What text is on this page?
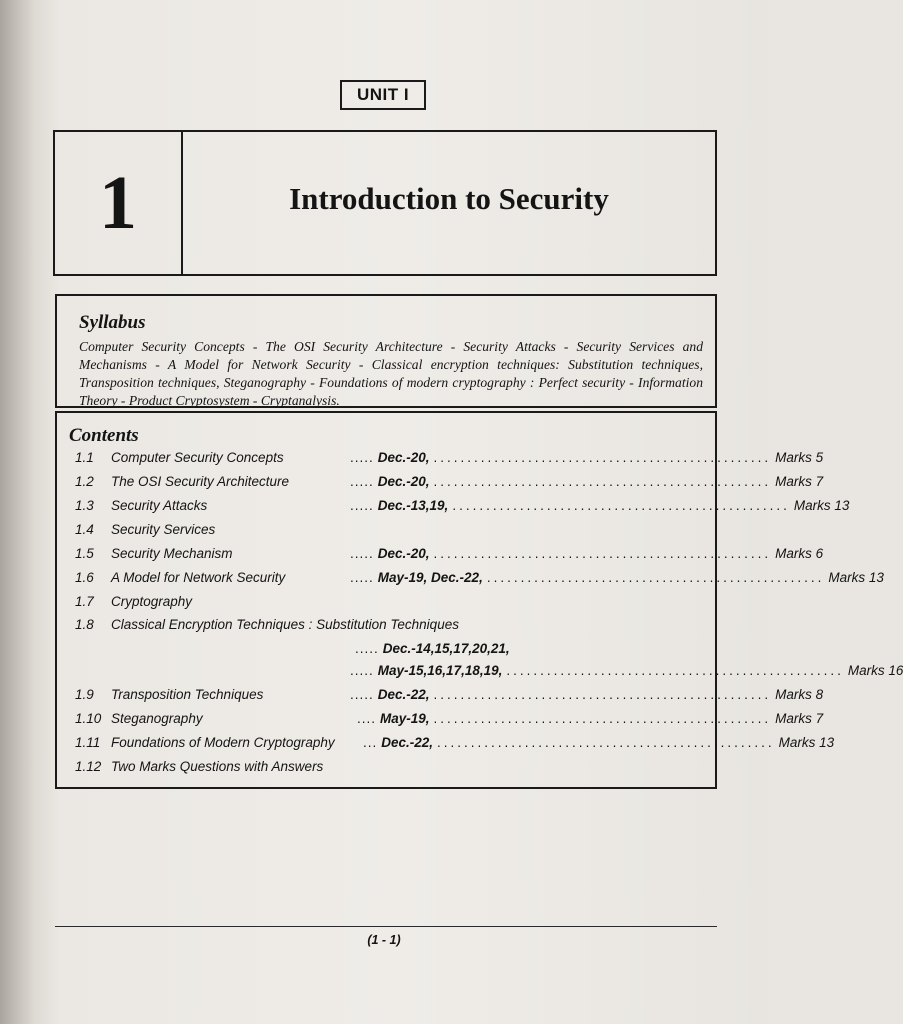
UNIT I
1	Introduction to Security

Syllabus

Computer Security Concepts - The OSI Security Architecture - Security Attacks - Security Services and Mechanisms - A Model for Network Security - Classical encryption techniques: Substitution techniques, Transposition techniques, Steganography - Foundations of modern cryptography : Perfect security - Information Theory - Product Cryptosystem - Cryptanalysis.

Contents
1.1 Computer Security Concepts	..... Dec.-20, .................................................. Marks 5
1.2 The OSI Security Architecture	..... Dec.-20, .................................................. Marks 7
1.3 Security Attacks	..... Dec.-13,19, .................................................. Marks 13
1.4 Security Services
1.5 Security Mechanism	..... Dec.-20, .................................................. Marks 6
1.6 A Model for Network Security	..... May-19, Dec.-22, .................................................. Marks 13
1.7 Cryptography
1.8 Classical Encryption Techniques : Substitution Techniques
..... Dec.-14,15,17,20,21,
..... May-15,16,17,18,19, .................................................. Marks 16
1.9 Transposition Techniques	..... Dec.-22, .................................................. Marks 8
1.10 Steganography	.... May-19, .................................................. Marks 7
1.11 Foundations of Modern Cryptography ... Dec.-22, .................................................. Marks 13
1.12 Two Marks Questions with Answers
(1 - 1)
